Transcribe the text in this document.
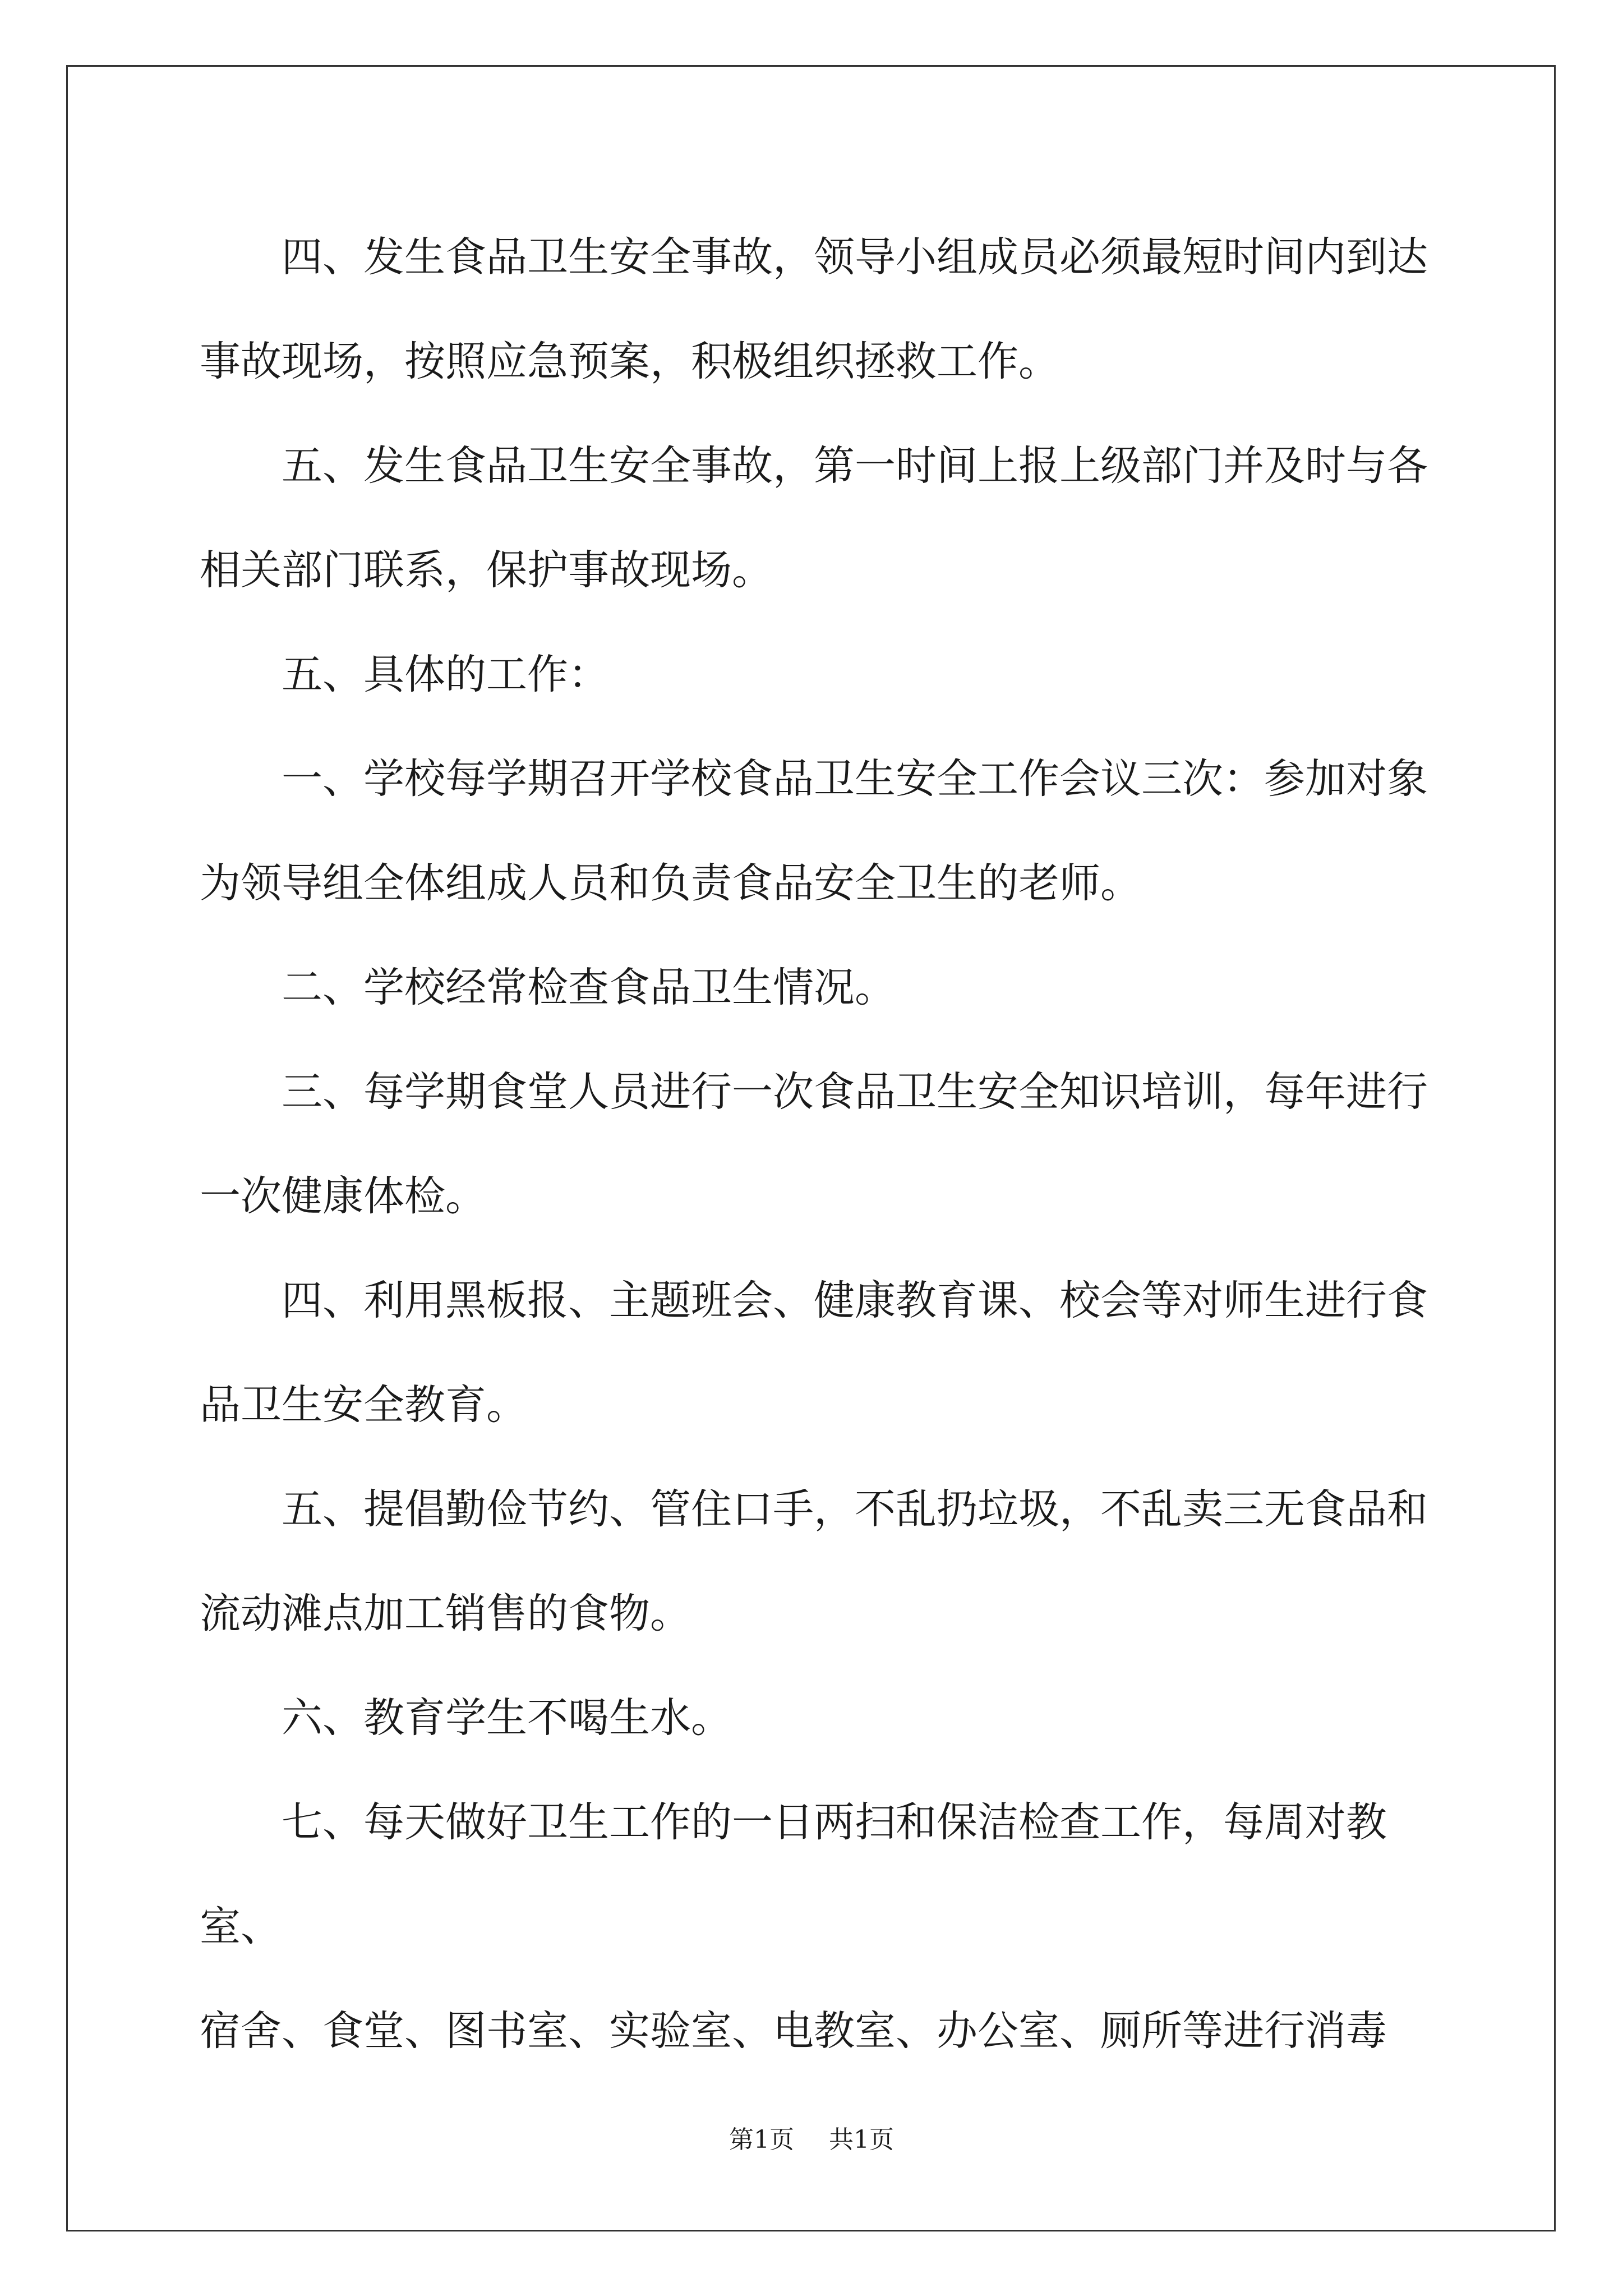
四、发生食品卫生安全事故，领导小组成员必须最短时间内到达
事故现场，按照应急预案，积极组织拯救工作。
五、发生食品卫生安全事故，第一时间上报上级部门并及时与各
相关部门联系，保护事故现场。
五、具体的工作：
一、学校每学期召开学校食品卫生安全工作会议三次：参加对象
为领导组全体组成人员和负责食品安全卫生的老师。
二、学校经常检查食品卫生情况。
三、每学期食堂人员进行一次食品卫生安全知识培训，每年进行
一次健康体检。
四、利用黑板报、主题班会、健康教育课、校会等对师生进行食
品卫生安全教育。
五、提倡勤俭节约、管住口手，不乱扔垃圾，不乱卖三无食品和
流动滩点加工销售的食物。
六、教育学生不喝生水。
七、每天做好卫生工作的一日两扫和保洁检查工作，每周对教室、
宿舍、食堂、图书室、实验室、电教室、办公室、厕所等进行消毒
第1页 共1页
